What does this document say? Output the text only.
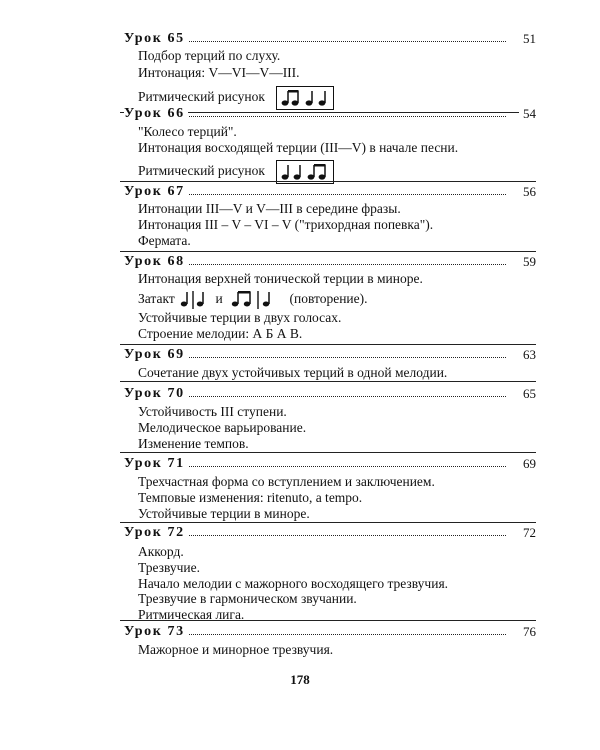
Урок 65	51
Подбор терций по слуху.
Интонация: V—VI—V—III.
Ритмический рисунок
Урок 66	54
"Колесо терций".
Интонация восходящей терции (III—V) в начале песни.
Ритмический рисунок
Урок 67	56
Интонации III—V и V—III в середине фразы.
Интонация III – V – VI – V ("трихордная попевка").
Фермата.
Урок 68	59
Интонация верхней тонической терции в миноре.
Затакт	и	(повторение).
Устойчивые терции в двух голосах.
Строение мелодии: А Б А В.
Урок 69	63
Сочетание двух устойчивых терций в одной мелодии.
Урок 70	65
Устойчивость III ступени.
Мелодическое варьирование.
Изменение темпов.
Урок 71	69
Трехчастная форма со вступлением и заключением.
Темповые изменения: ritenuto, a tempo.
Устойчивые терции в миноре.
Урок 72	72
Аккорд.
Трезвучие.
Начало мелодии с мажорного восходящего трезвучия.
Трезвучие в гармоническом звучании.
Ритмическая лига.
Урок 73	76
Мажорное и минорное трезвучия.
178
